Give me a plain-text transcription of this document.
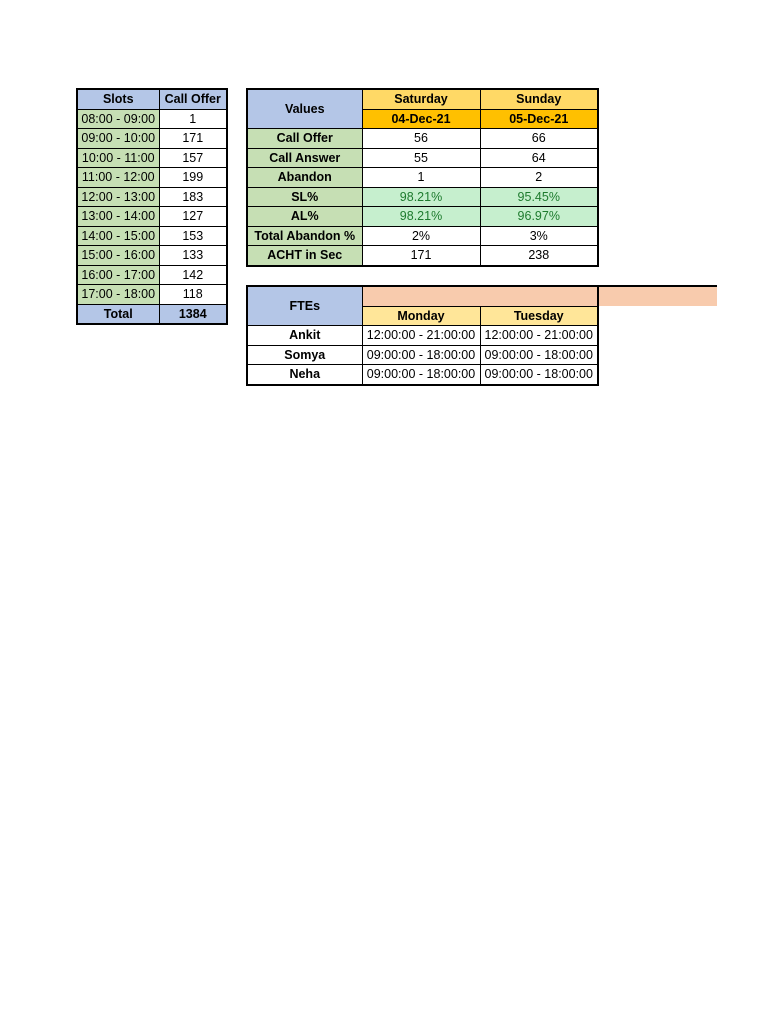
Slots	Call Offer
08:00 - 09:00	1
09:00 - 10:00	171
10:00 - 11:00	157
11:00 - 12:00	199
12:00 - 13:00	183
13:00 - 14:00	127
14:00 - 15:00	153
15:00 - 16:00	133
16:00 - 17:00	142
17:00 - 18:00	118
Total	1384
Values	Saturday	Sunday
	04-Dec-21	05-Dec-21
Call Offer	56	66
Call Answer	55	64
Abandon	1	2
SL%	98.21%	95.45%
AL%	98.21%	96.97%
Total Abandon %	2%	3%
ACHT in Sec	171	238
FTEs		
	Monday	Tuesday
Ankit	12:00:00 - 21:00:00	12:00:00 - 21:00:00
Somya	09:00:00 - 18:00:00	09:00:00 - 18:00:00
Neha	09:00:00 - 18:00:00	09:00:00 - 18:00:00
